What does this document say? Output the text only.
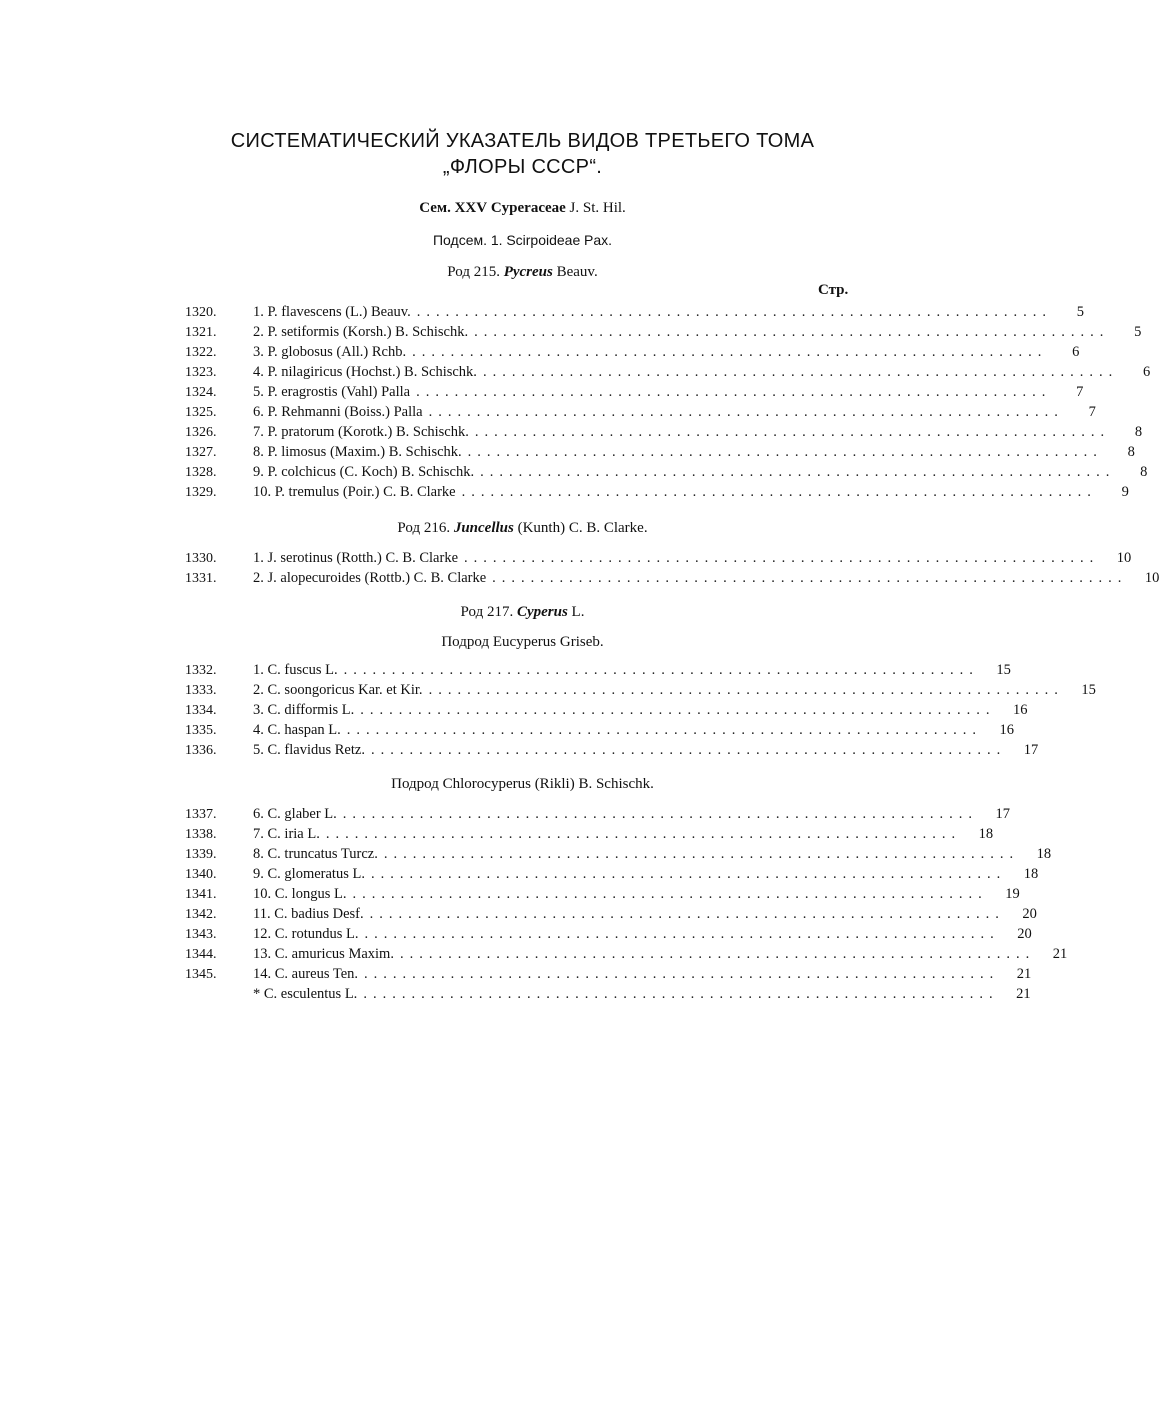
СИСТЕМАТИЧЕСКИЙ УКАЗАТЕЛЬ ВИДОВ ТРЕТЬЕГО ТОМА
„ФЛОРЫ СССР“.

Сем. XXV Cyperaceae J. St. Hil.

Подсем. 1. Scirpoideae Pax.

Род 215. Pycreus Beauv.

Стр.
1320.	1. P. flavescens (L.) Beauv. ..................................................................	5
1321.	2. P. setiformis (Korsh.) B. Schischk. ..................................................................	5
1322.	3. P. globosus (All.) Rchb. ..................................................................	6
1323.	4. P. nilagiricus (Hochst.) B. Schischk. ..................................................................	6
1324.	5. P. eragrostis (Vahl) Palla ..................................................................	7
1325.	6. P. Rehmanni (Boiss.) Palla ..................................................................	7
1326.	7. P. pratorum (Korotk.) B. Schischk. ..................................................................	8
1327.	8. P. limosus (Maxim.) B. Schischk. ..................................................................	8
1328.	9. P. colchicus (C. Koch) B. Schischk. ..................................................................	8
1329.	10. P. tremulus (Poir.) C. B. Clarke ..................................................................	9

Род 216. Juncellus (Kunth) C. B. Clarke.

1330.	1. J. serotinus (Rotth.) C. B. Clarke ..................................................................	10
1331.	2. J. alopecuroides (Rottb.) C. B. Clarke ..................................................................	10

Род 217. Cyperus L.

Подрод Eucyperus Griseb.

1332.	1. C. fuscus L. ..................................................................	15
1333.	2. C. soongoricus Kar. et Kir. ..................................................................	15
1334.	3. C. difformis L. ..................................................................	16
1335.	4. C. haspan L. ..................................................................	16
1336.	5. C. flavidus Retz. ..................................................................	17

Подрод Chlorocyperus (Rikli) B. Schischk.

1337.	6. C. glaber L. ..................................................................	17
1338.	7. C. iria L. ..................................................................	18
1339.	8. C. truncatus Turcz. ..................................................................	18
1340.	9. C. glomeratus L. ..................................................................	18
1341.	10. C. longus L. ..................................................................	19
1342.	11. C. badius Desf. ..................................................................	20
1343.	12. C. rotundus L. ..................................................................	20
1344.	13. C. amuricus Maxim. ..................................................................	21
1345.	14. C. aureus Ten. ..................................................................	21
* C. esculentus L. ..................................................................	21
